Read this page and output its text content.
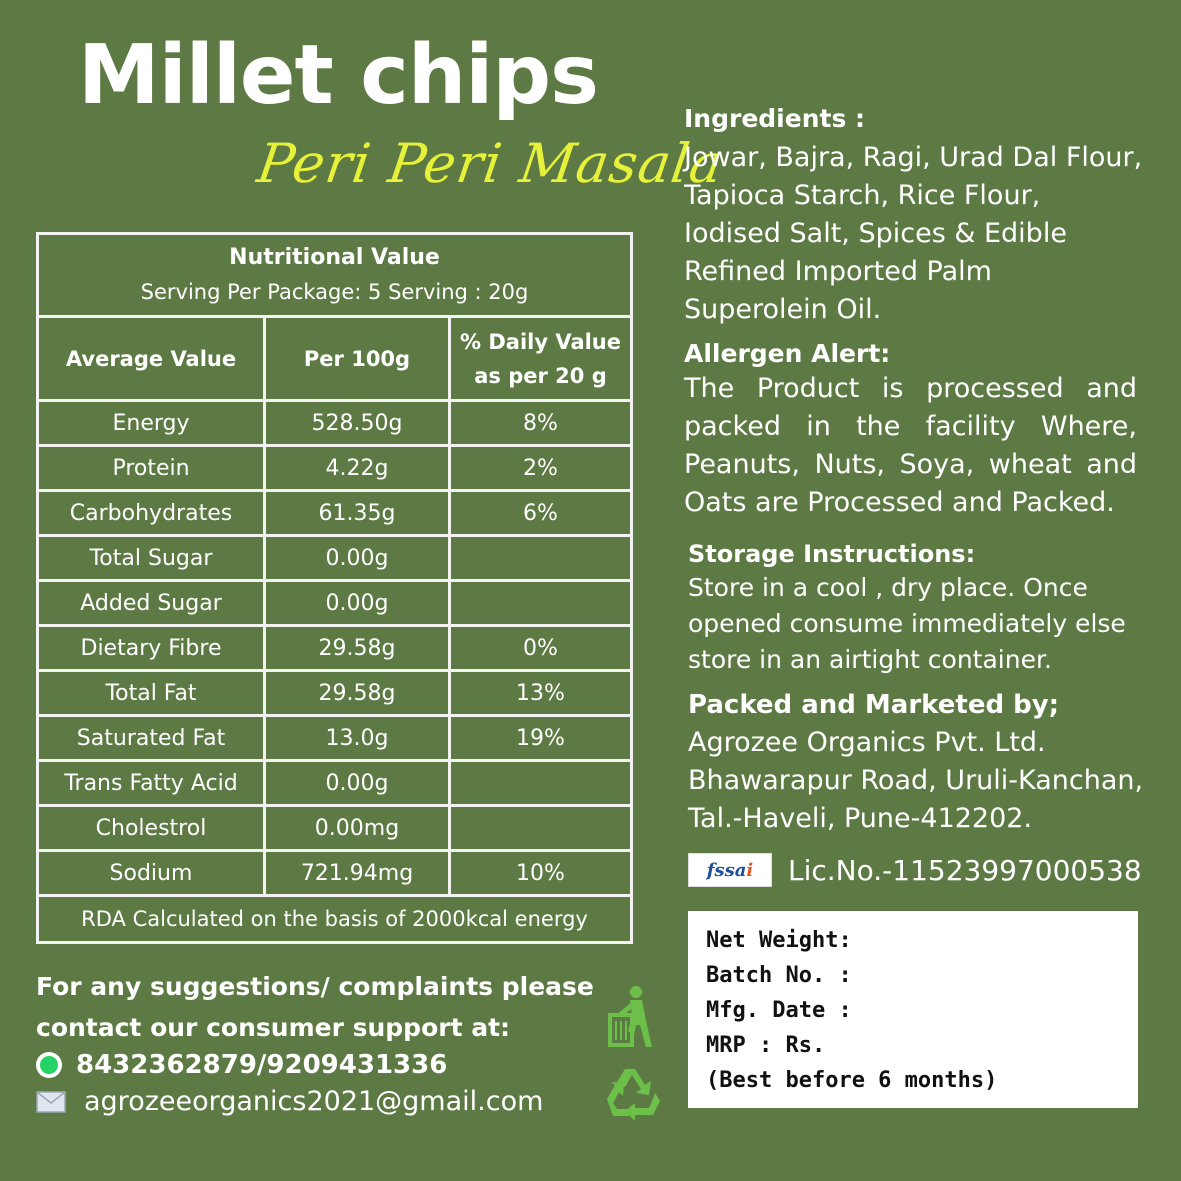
Millet chips
Peri Peri Masala
Nutritional Value
Serving Per Package: 5 Serving : 20g
Average Value	Per 100g
% Daily Value as per 20 g
Energy	528.50g	8%
Protein	4.22g	2%
Carbohydrates	61.35g	6%
Total Sugar	0.00g
Added Sugar	0.00g
Dietary Fibre	29.58g	0%
Total Fat	29.58g	13%
Saturated Fat	13.0g	19%
Trans Fatty Acid	0.00g
Cholestrol	0.00mg
Sodium	721.94mg	10%
RDA Calculated on the basis of 2000kcal energy
For any suggestions/ complaints please
contact our consumer support at:
8432362879/9209431336
agrozeeorganics2021@gmail.com
Ingredients :
Jowar, Bajra, Ragi, Urad Dal Flour,
Tapioca Starch, Rice Flour,
Iodised Salt, Spices & Edible
Refined Imported Palm
Superolein Oil.
Allergen Alert:
The Product is processed and packed in the facility Where, Peanuts, Nuts, Soya, wheat and Oats are Processed and Packed.
Storage Instructions:
Store in a cool , dry place. Once opened consume immediately else store in an airtight container.
Packed and Marketed by;
Agrozee Organics Pvt. Ltd.
Bhawarapur Road, Uruli-Kanchan,
Tal.-Haveli, Pune-412202.
fssa i Lic.No.-11523997000538
Net Weight:
Batch No. :
Mfg. Date :
MRP : Rs.
(Best before 6 months)
